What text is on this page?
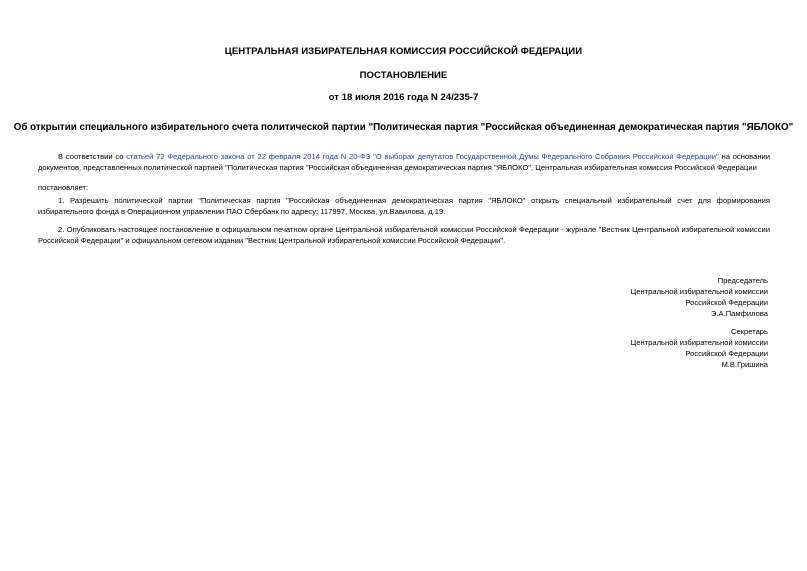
ЦЕНТРАЛЬНАЯ ИЗБИРАТЕЛЬНАЯ КОМИССИЯ РОССИЙСКОЙ ФЕДЕРАЦИИ
ПОСТАНОВЛЕНИЕ
от 18 июля 2016 года N 24/235-7
Об открытии специального избирательного счета политической партии "Политическая партия "Российская объединенная демократическая партия "ЯБЛОКО"
В соответствии со статьей 72 Федерального закона от 22 февраля 2014 года N 20-ФЗ "О выборах депутатов Государственной Думы Федерального Собрания Российской Федерации" на основании документов, представленных политической партией "Политическая партия "Российская объединенная демократическая партия "ЯБЛОКО", Центральная избирательная комиссия Российской Федерации
постановляет:
1. Разрешить политической партии "Политическая партия "Российская объединенная демократическая партия "ЯБЛОКО" открыть специальный избирательный счет для формирования избирательного фонда в Операционном управлении ПАО Сбербанк по адресу: 117997, Москва, ул.Вавилова, д.19.
2. Опубликовать настоящее постановление в официальном печатном органе Центральной избирательной комиссии Российской Федерации - журнале "Вестник Центральной избирательной комиссии Российской Федерации" и официальном сетевом издании "Вестник Центральной избирательной комиссии Российской Федерации".
Председатель
Центральной избирательной комиссии
Российской Федерации
Э.А.Памфилова
Секретарь
Центральной избирательной комиссии
Российской Федерации
М.В.Гришина
